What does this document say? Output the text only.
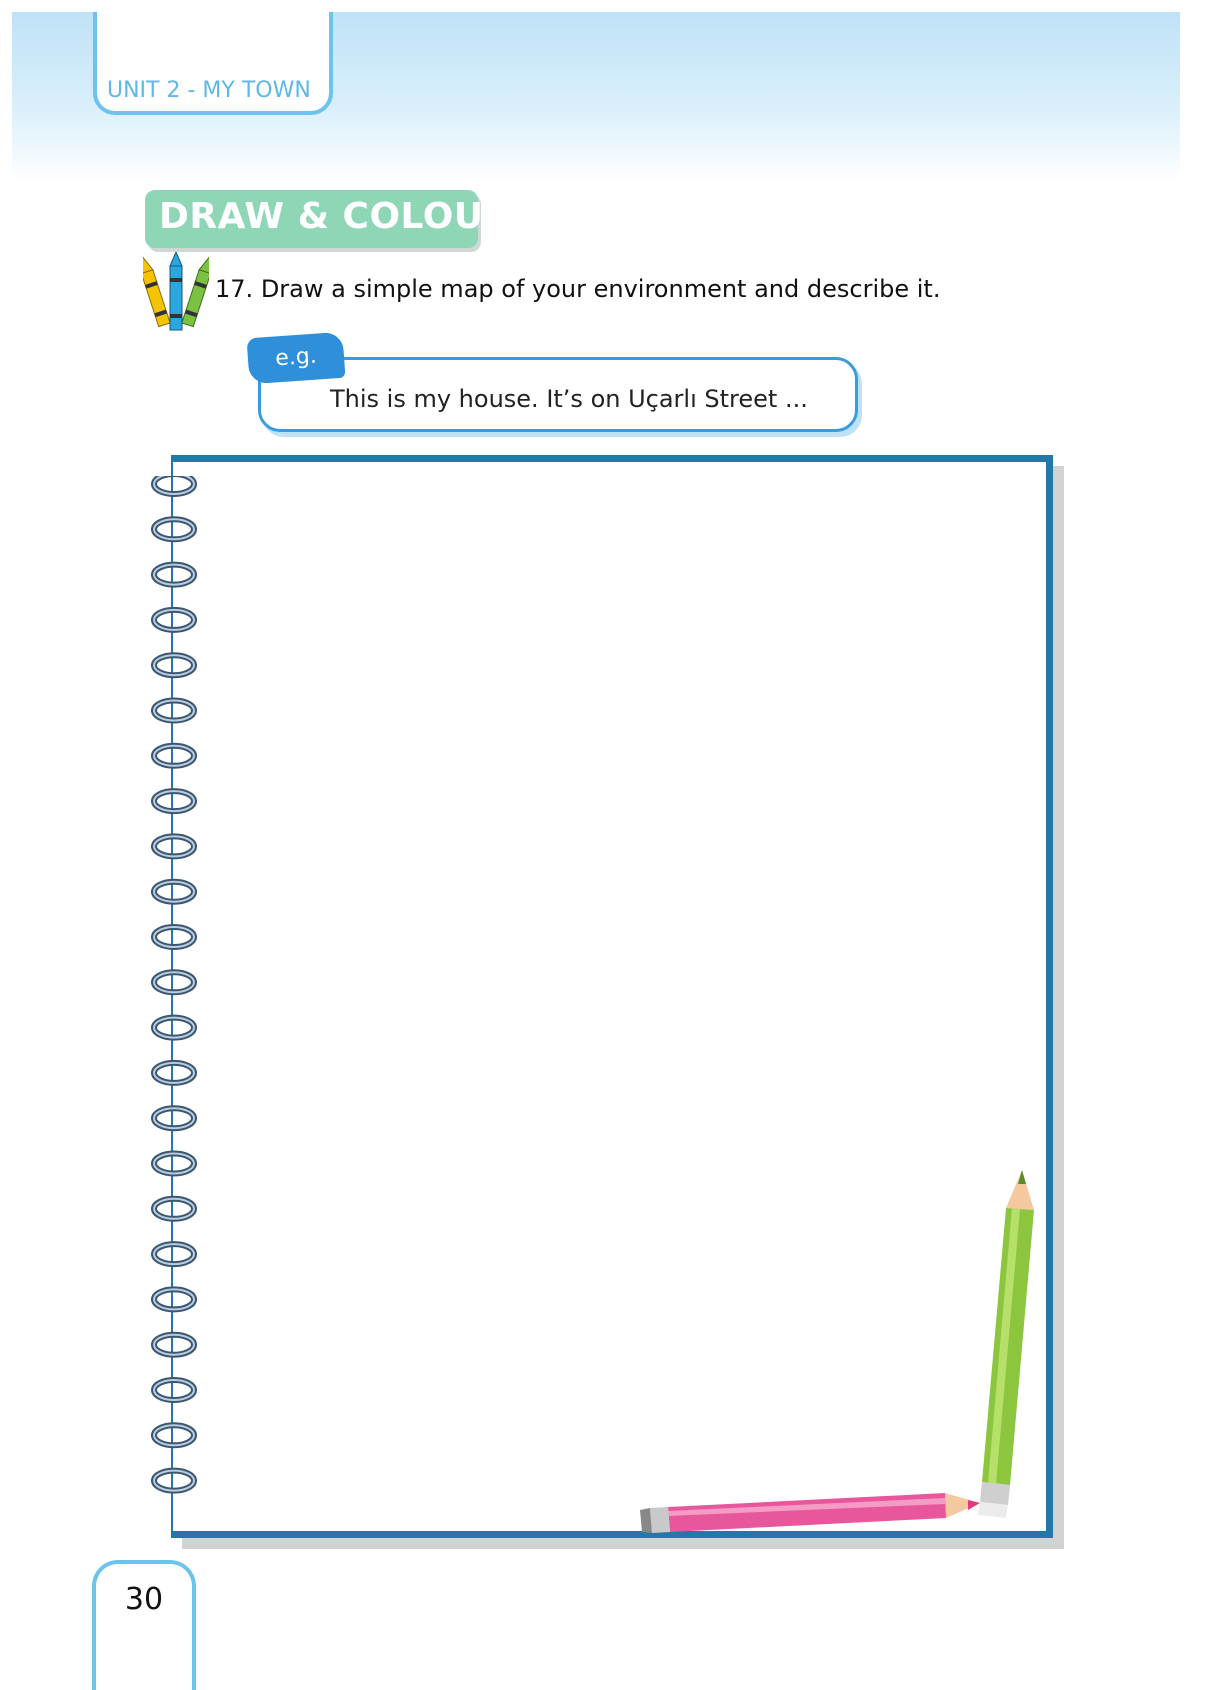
UNIT 2 - MY TOWN
DRAW & COLOUR
17. Draw a simple map of your environment and describe it.
e.g.
This is my house. It’s on Uçarlı Street ...
30
